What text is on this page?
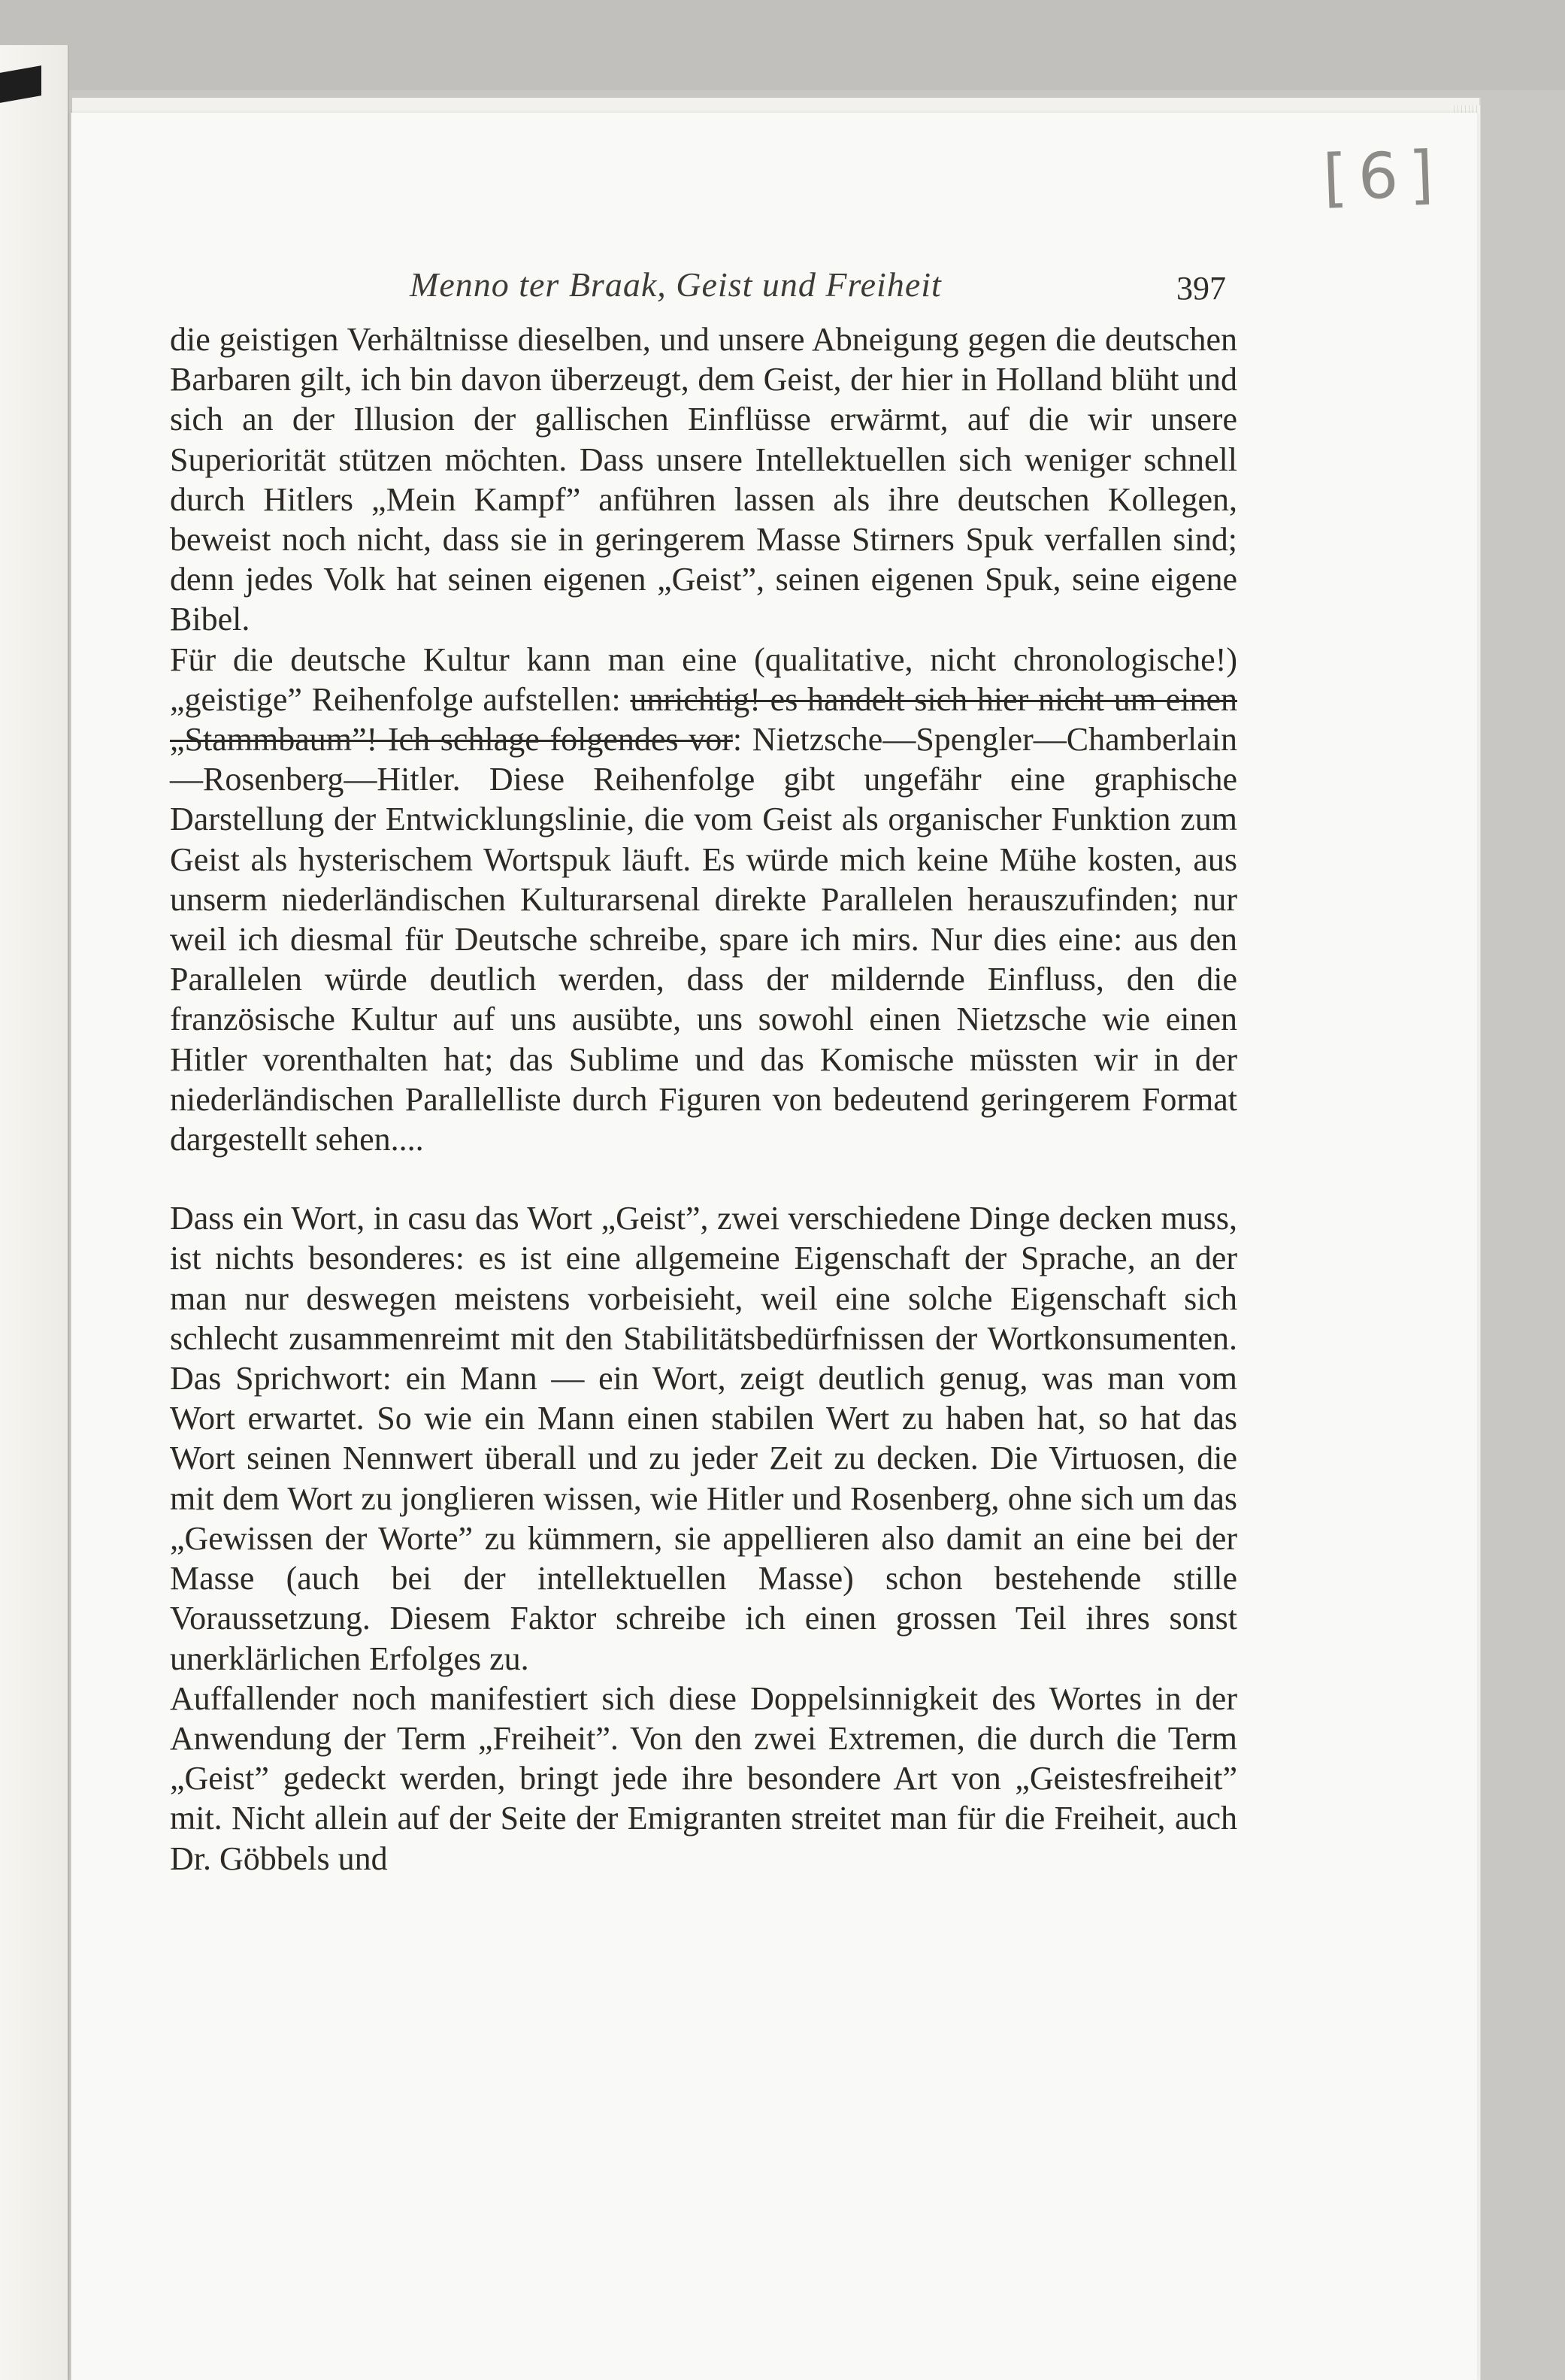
[6]
Menno ter Braak, Geist und Freiheit	397

die geistigen Verhältnisse dieselben, und unsere Abneigung gegen die deutschen Barbaren gilt, ich bin davon überzeugt, dem Geist, der hier in Holland blüht und sich an der Illusion der gallischen Einflüsse erwärmt, auf die wir unsere Superiorität stützen möchten. Dass unsere Intellektuellen sich weniger schnell durch Hitlers „Mein Kampf” anführen lassen als ihre deutschen Kollegen, beweist noch nicht, dass sie in geringerem Masse Stirners Spuk verfallen sind; denn jedes Volk hat seinen eigenen „Geist”, seinen eigenen Spuk, seine eigene Bibel.

Für die deutsche Kultur kann man eine (qualitative, nicht chronologische!) „geistige” Reihenfolge aufstellen: unrichtig! es handelt sich hier nicht um einen „Stammbaum”! Ich schlage folgendes vor: Nietzsche—Spengler—Chamberlain—Rosenberg—Hitler. Diese Reihenfolge gibt ungefähr eine graphische Darstellung der Entwicklungslinie, die vom Geist als organischer Funktion zum Geist als hysterischem Wortspuk läuft. Es würde mich keine Mühe kosten, aus unserm niederländischen Kulturarsenal direkte Parallelen herauszufinden; nur weil ich diesmal für Deutsche schreibe, spare ich mirs. Nur dies eine: aus den Parallelen würde deutlich werden, dass der mildernde Einfluss, den die französische Kultur auf uns ausübte, uns sowohl einen Nietzsche wie einen Hitler vorenthalten hat; das Sublime und das Komische müssten wir in der niederländischen Parallelliste durch Figuren von bedeutend geringerem Format dargestellt sehen....

Dass ein Wort, in casu das Wort „Geist”, zwei verschiedene Dinge decken muss, ist nichts besonderes: es ist eine allgemeine Eigenschaft der Sprache, an der man nur deswegen meistens vorbeisieht, weil eine solche Eigenschaft sich schlecht zusammenreimt mit den Stabilitätsbedürfnissen der Wortkonsumenten. Das Sprichwort: ein Mann — ein Wort, zeigt deutlich genug, was man vom Wort erwartet. So wie ein Mann einen stabilen Wert zu haben hat, so hat das Wort seinen Nennwert überall und zu jeder Zeit zu decken. Die Virtuosen, die mit dem Wort zu jonglieren wissen, wie Hitler und Rosenberg, ohne sich um das „Gewissen der Worte” zu kümmern, sie appellieren also damit an eine bei der Masse (auch bei der intellektuellen Masse) schon bestehende stille Voraussetzung. Diesem Faktor schreibe ich einen grossen Teil ihres sonst unerklärlichen Erfolges zu.

Auffallender noch manifestiert sich diese Doppelsinnigkeit des Wortes in der Anwendung der Term „Freiheit”. Von den zwei Extremen, die durch die Term „Geist” gedeckt werden, bringt jede ihre besondere Art von „Geistesfreiheit” mit. Nicht allein auf der Seite der Emigranten streitet man für die Freiheit, auch Dr. Göbbels und
